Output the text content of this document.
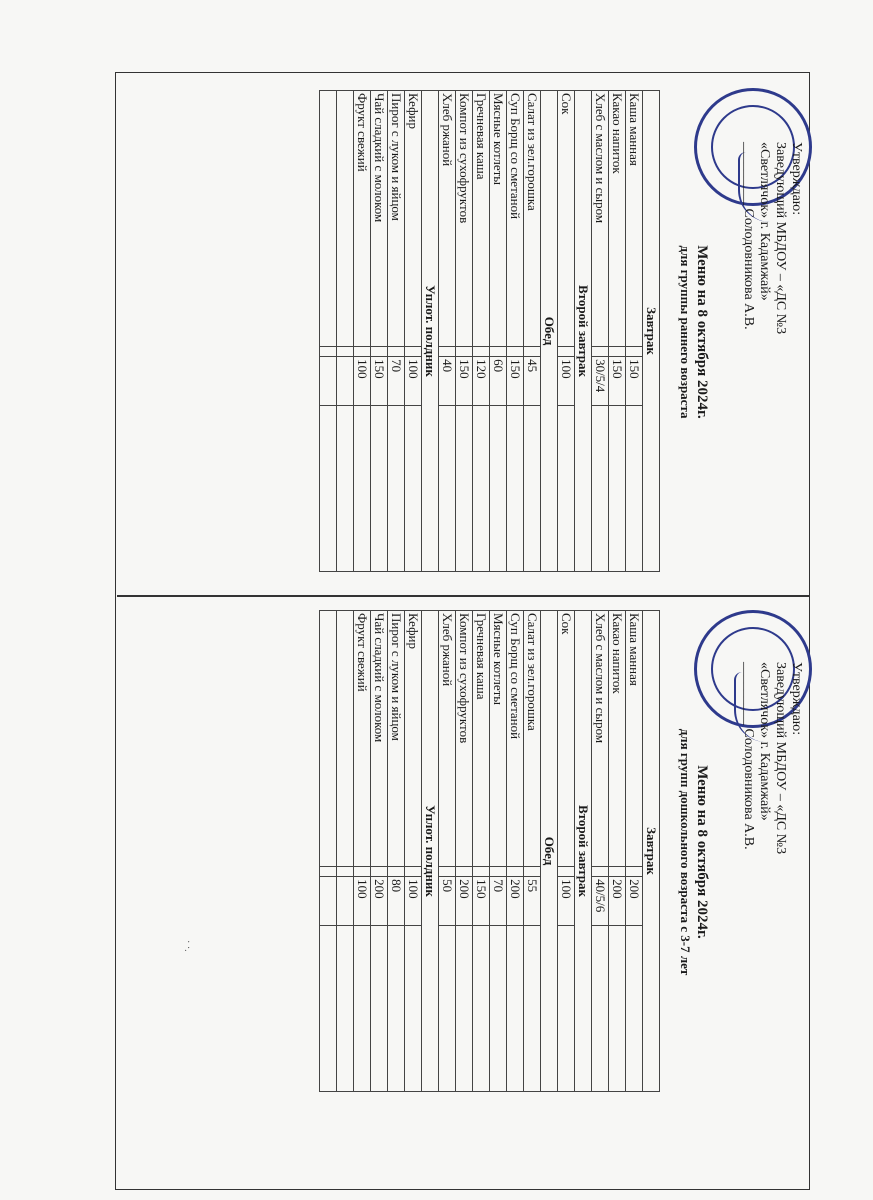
Утверждаю:
Заведующий МБДОУ – «ДС №3
«Светлячок» г. Кадамжай»
_________ Солодовникова А.В.
Меню на 8 октября 2024г.
для группы раннего возраста
Завтрак			
Каша манная		150	
Какао напиток		150	
Хлеб с маслом и сыром		30/5/4	
Второй завтрак			
Сок		100	
Обед			
Салат из зел.горошка		45	
Суп Борщ со сметаной		150	
Мясные котлеты		60	
Гречневая каша		120	
Компот из сухофруктов		150	
Хлеб ржаной		40	
Уплот. полдник			
Кефир		100	
Пирог с луком и яйцом		70	
Чай сладкий с молоком		150	
Фрукт свежий		100	

Утверждаю:
Заведующий МБДОУ – «ДС №3
«Светлячок» г. Кадамжай»
_________ Солодовникова А.В.
Меню на 8 октября 2024г.
для групп дошкольного возраста с 3-7 лет
Завтрак			
Каша манная		200	
Какао напиток		200	
Хлеб с маслом и сыром		40/5/6	
Второй завтрак			
Сок		100	
Обед			
Салат из зел.горошка		55	
Суп Борщ со сметаной		200	
Мясные котлеты		70	
Гречневая каша		150	
Компот из сухофруктов		200	
Хлеб ржаной		50	
Уплот. полдник			
Кефир		100	
Пирог с луком и яйцом		80	
Чай сладкий с молоком		200	
Фрукт свежий		100	

· ·.
